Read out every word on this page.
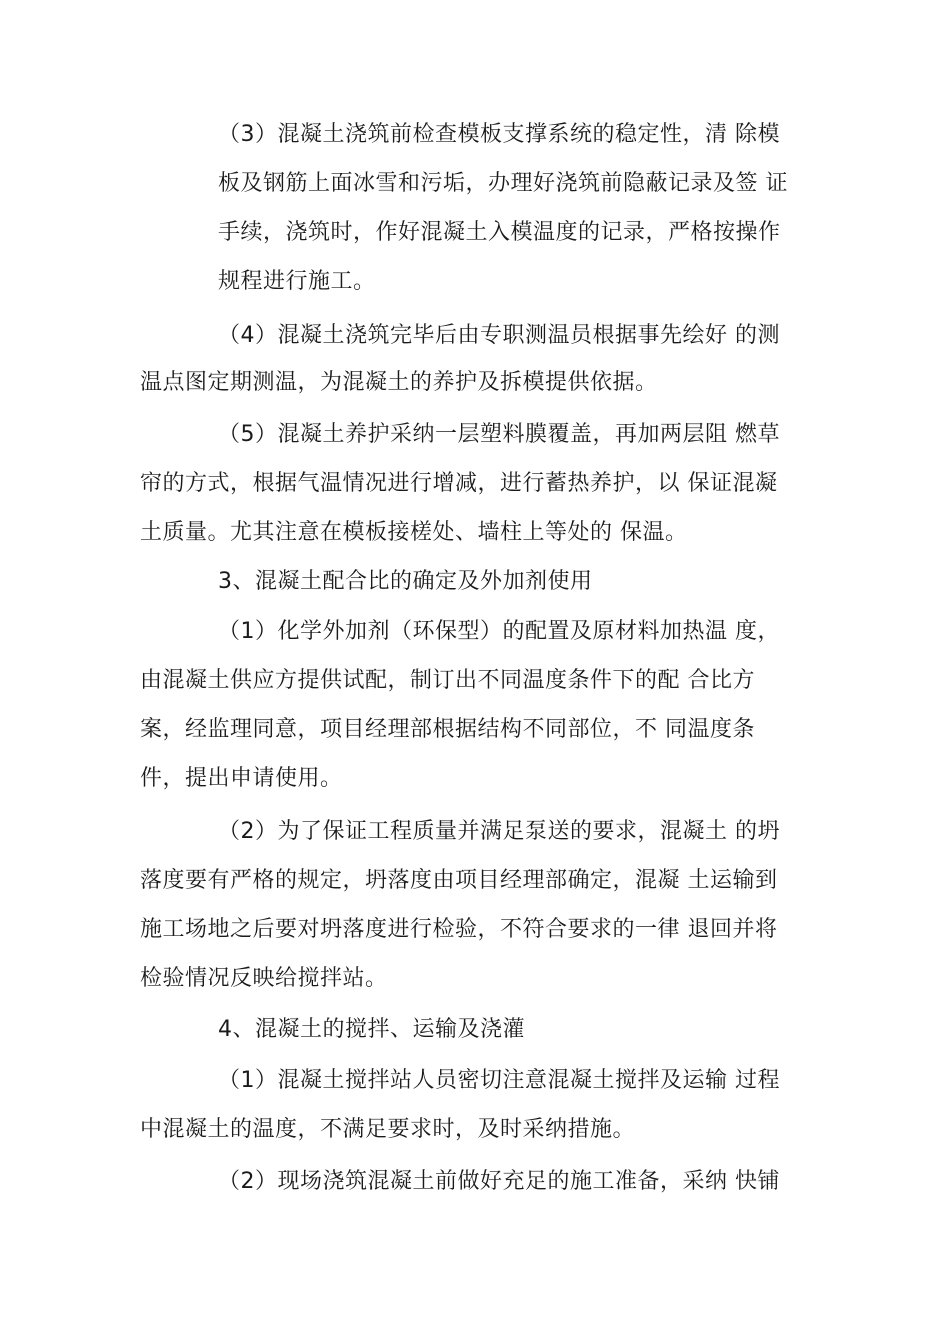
（3）混凝土浇筑前检查模板支撑系统的稳定性，清 除模
板及钢筋上面冰雪和污垢，办理好浇筑前隐蔽记录及签 证
手续，浇筑时，作好混凝土入模温度的记录，严格按操作
规程进行施工。
（4）混凝土浇筑完毕后由专职测温员根据事先绘好 的测
温点图定期测温，为混凝土的养护及拆模提供依据。
（5）混凝土养护采纳一层塑料膜覆盖，再加两层阻 燃草
帘的方式，根据气温情况进行增减，进行蓄热养护，以 保证混凝
土质量。尤其注意在模板接槎处、墙柱上等处的 保温。
3、混凝土配合比的确定及外加剂使用
（1）化学外加剂（环保型）的配置及原材料加热温 度，
由混凝土供应方提供试配，制订出不同温度条件下的配 合比方
案，经监理同意，项目经理部根据结构不同部位，不 同温度条
件，提出申请使用。
（2）为了保证工程质量并满足泵送的要求，混凝土 的坍
落度要有严格的规定，坍落度由项目经理部确定，混凝 土运输到
施工场地之后要对坍落度进行检验，不符合要求的一律 退回并将
检验情况反映给搅拌站。
4、混凝土的搅拌、运输及浇灌
（1）混凝土搅拌站人员密切注意混凝土搅拌及运输 过程
中混凝土的温度，不满足要求时，及时采纳措施。
（2）现场浇筑混凝土前做好充足的施工准备，采纳 快铺
